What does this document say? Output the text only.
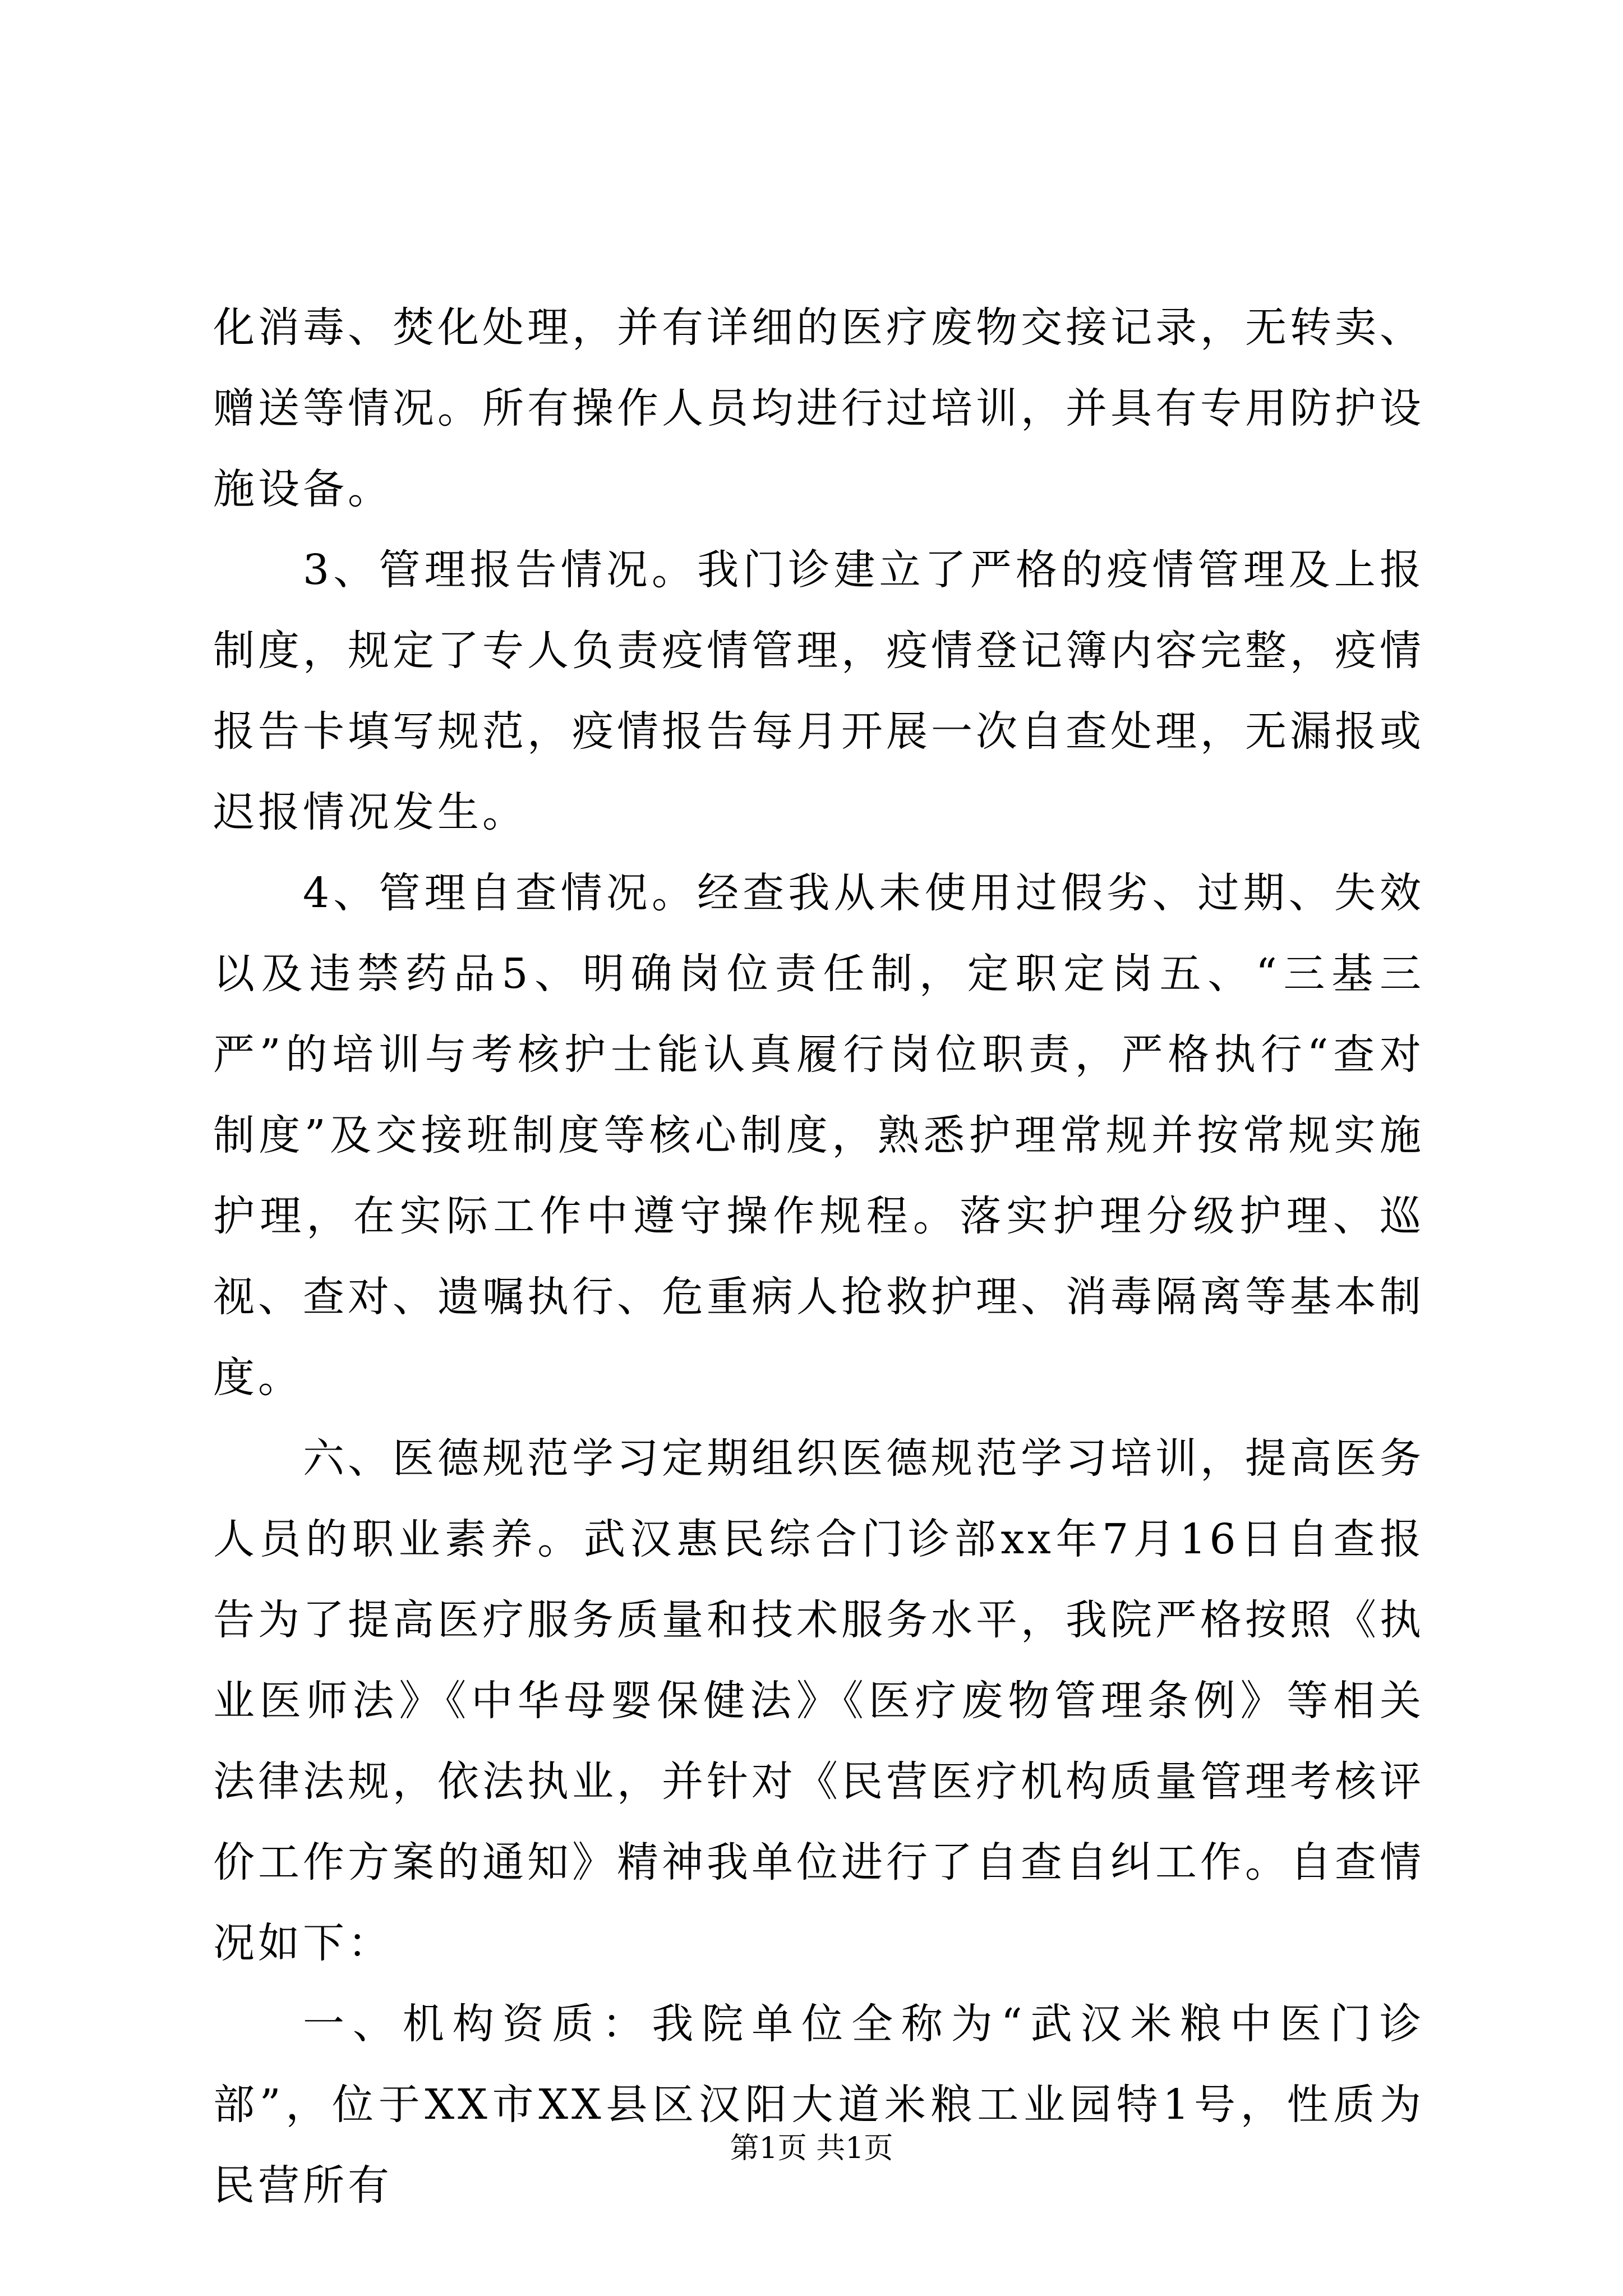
化消毒、焚化处理，并有详细的医疗废物交接记录，无转卖、赠送等情况。所有操作人员均进行过培训，并具有专用防护设施设备。

3、管理报告情况。我门诊建立了严格的疫情管理及上报制度，规定了专人负责疫情管理，疫情登记簿内容完整，疫情报告卡填写规范，疫情报告每月开展一次自查处理，无漏报或迟报情况发生。

4、管理自查情况。经查我从未使用过假劣、过期、失效以及违禁药品5、明确岗位责任制，定职定岗五、“三基三严”的培训与考核护士能认真履行岗位职责，严格执行“查对制度”及交接班制度等核心制度，熟悉护理常规并按常规实施护理，在实际工作中遵守操作规程。落实护理分级护理、巡视、查对、遗嘱执行、危重病人抢救护理、消毒隔离等基本制度。

六、医德规范学习定期组织医德规范学习培训，提高医务人员的职业素养。武汉惠民综合门诊部xx年7月16日自查报告为了提高医疗服务质量和技术服务水平，我院严格按照《执业医师法》《中华母婴保健法》《医疗废物管理条例》等相关法律法规，依法执业，并针对《民营医疗机构质量管理考核评价工作方案的通知》精神我单位进行了自查自纠工作。自查情况如下：

一、机构资质：我院单位全称为“武汉米粮中医门诊部”，位于XX市XX县区汉阳大道米粮工业园特1号，性质为民营所有

第1页 共1页
